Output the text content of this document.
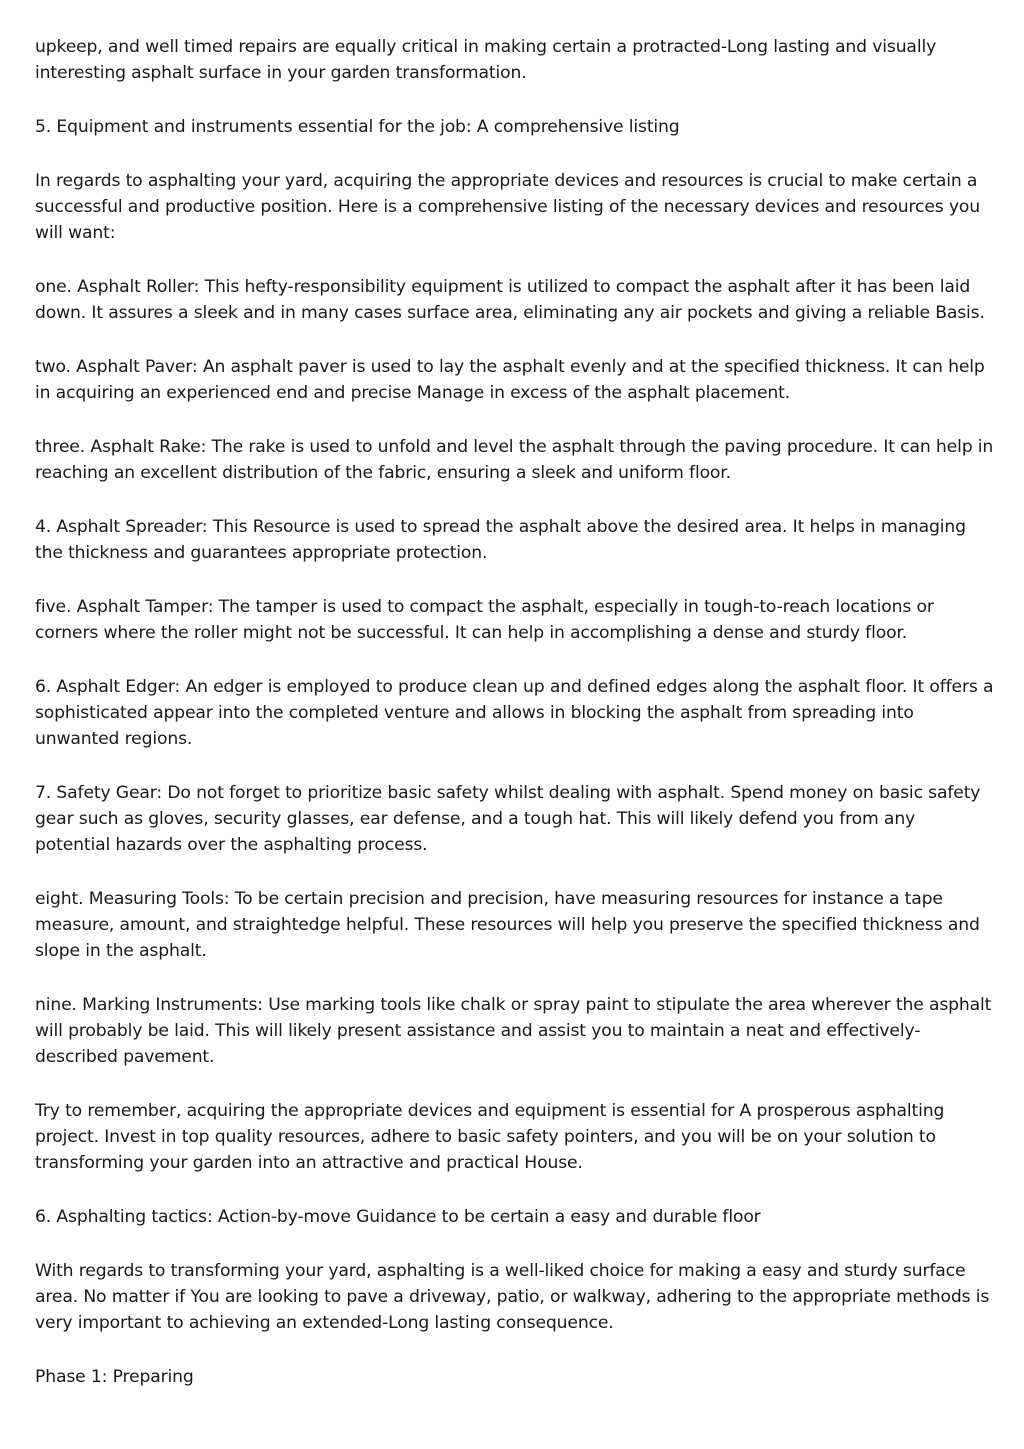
upkeep, and well timed repairs are equally critical in making certain a protracted-Long lasting and visually interesting asphalt surface in your garden transformation.

5. Equipment and instruments essential for the job: A comprehensive listing

In regards to asphalting your yard, acquiring the appropriate devices and resources is crucial to make certain a successful and productive position. Here is a comprehensive listing of the necessary devices and resources you will want:

one. Asphalt Roller: This hefty-responsibility equipment is utilized to compact the asphalt after it has been laid down. It assures a sleek and in many cases surface area, eliminating any air pockets and giving a reliable Basis.

two. Asphalt Paver: An asphalt paver is used to lay the asphalt evenly and at the specified thickness. It can help in acquiring an experienced end and precise Manage in excess of the asphalt placement.

three. Asphalt Rake: The rake is used to unfold and level the asphalt through the paving procedure. It can help in reaching an excellent distribution of the fabric, ensuring a sleek and uniform floor.

4. Asphalt Spreader: This Resource is used to spread the asphalt above the desired area. It helps in managing the thickness and guarantees appropriate protection.

five. Asphalt Tamper: The tamper is used to compact the asphalt, especially in tough-to-reach locations or corners where the roller might not be successful. It can help in accomplishing a dense and sturdy floor.

6. Asphalt Edger: An edger is employed to produce clean up and defined edges along the asphalt floor. It offers a sophisticated appear into the completed venture and allows in blocking the asphalt from spreading into unwanted regions.

7. Safety Gear: Do not forget to prioritize basic safety whilst dealing with asphalt. Spend money on basic safety gear such as gloves, security glasses, ear defense, and a tough hat. This will likely defend you from any potential hazards over the asphalting process.

eight. Measuring Tools: To be certain precision and precision, have measuring resources for instance a tape measure, amount, and straightedge helpful. These resources will help you preserve the specified thickness and slope in the asphalt.

nine. Marking Instruments: Use marking tools like chalk or spray paint to stipulate the area wherever the asphalt will probably be laid. This will likely present assistance and assist you to maintain a neat and effectively-described pavement.

Try to remember, acquiring the appropriate devices and equipment is essential for A prosperous asphalting project. Invest in top quality resources, adhere to basic safety pointers, and you will be on your solution to transforming your garden into an attractive and practical House.

6. Asphalting tactics: Action-by-move Guidance to be certain a easy and durable floor

With regards to transforming your yard, asphalting is a well-liked choice for making a easy and sturdy surface area. No matter if You are looking to pave a driveway, patio, or walkway, adhering to the appropriate methods is very important to achieving an extended-Long lasting consequence.

Phase 1: Preparing
